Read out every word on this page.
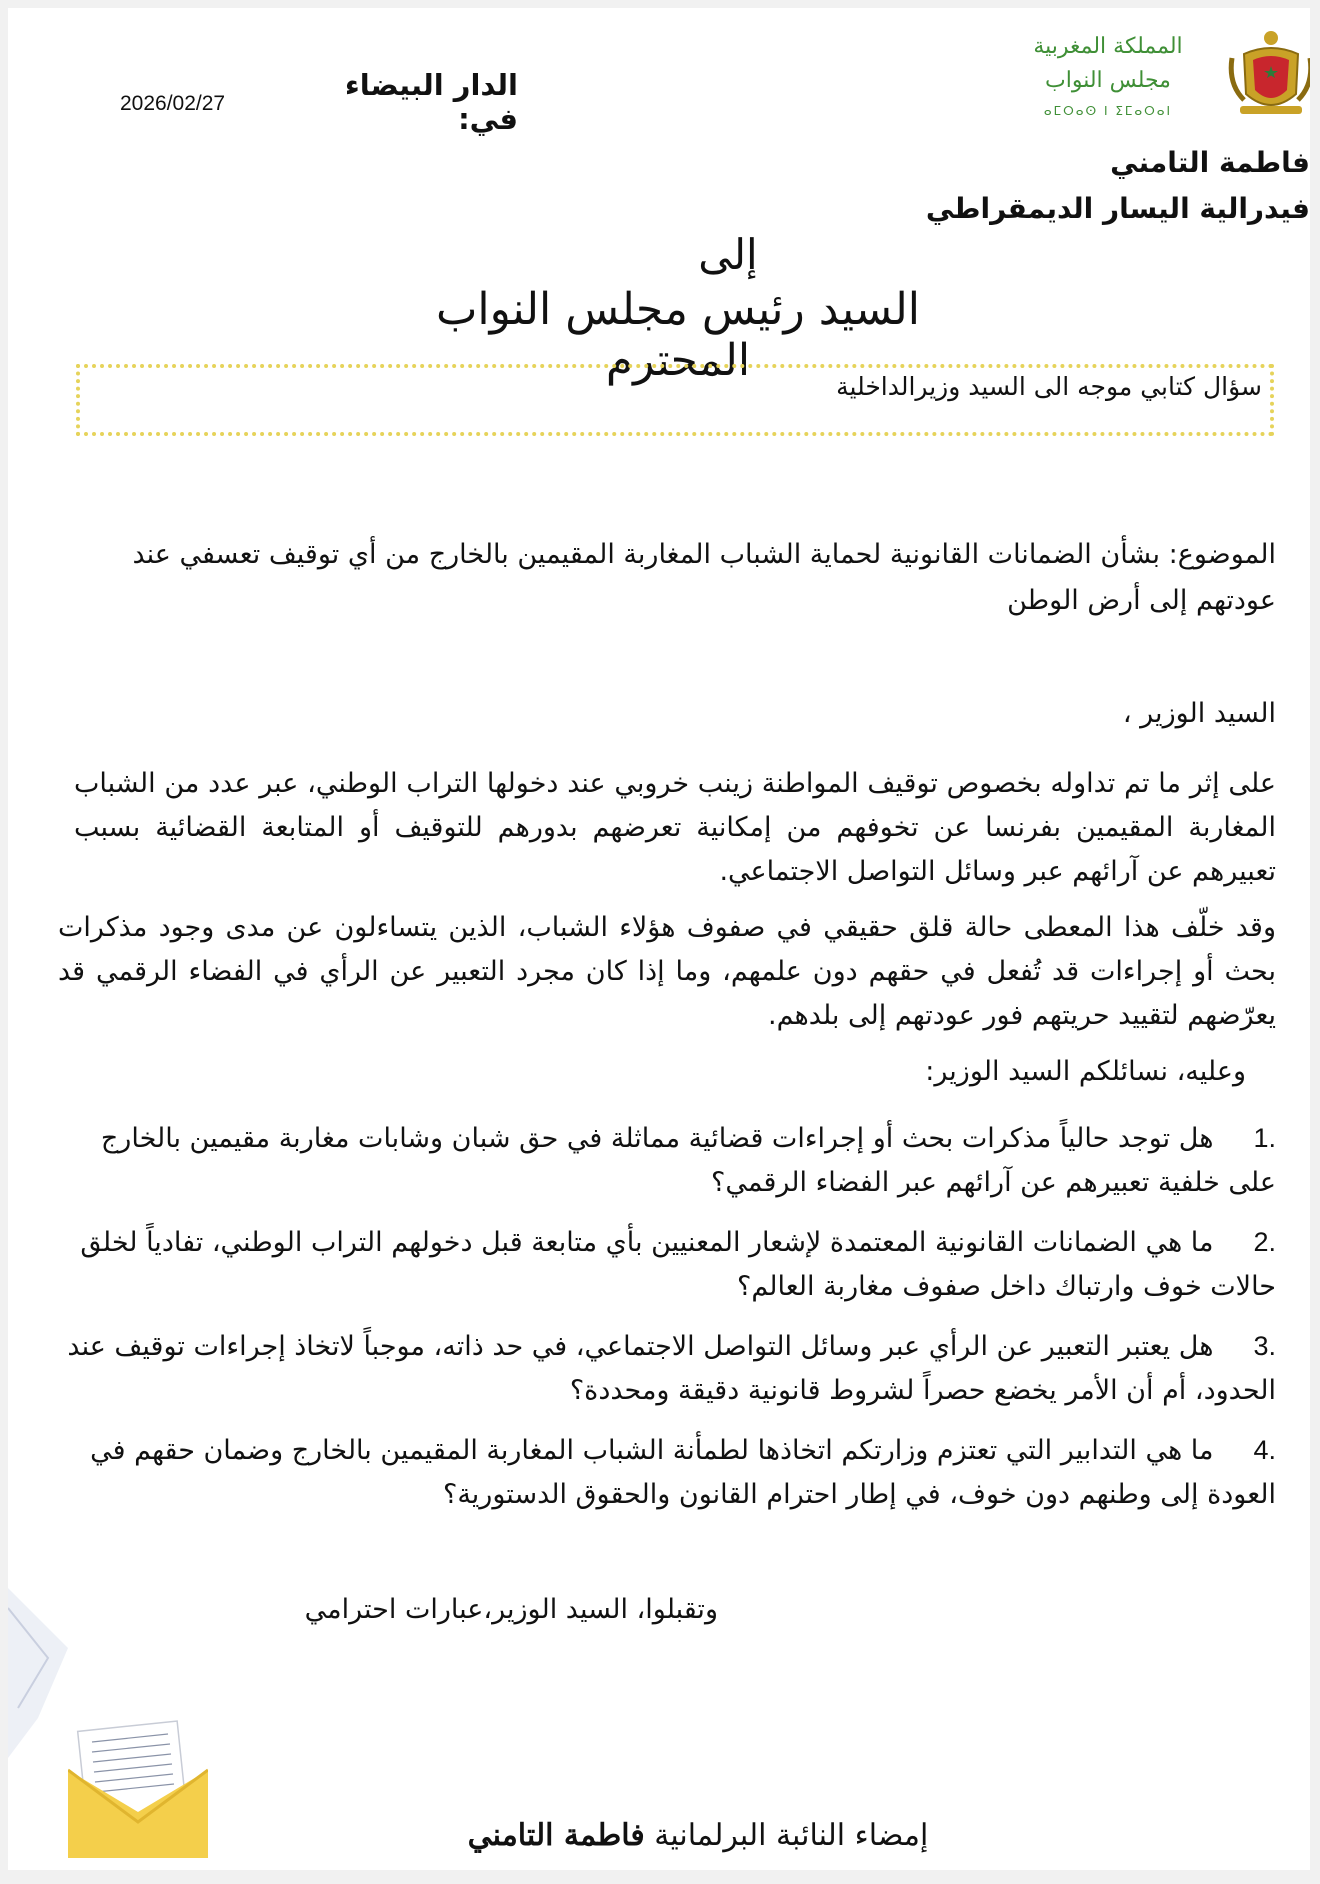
المملكة المغربية
مجلس النواب
ⴰⵎⵔⴰⵙ ⵏ ⵉⵎⴰⵔⴰⵏ
الدار البيضاء في:
2026/02/27
فاطمة التامني
فيدرالية اليسار الديمقراطي
إلى
السيد رئيس مجلس النواب المحترم
سؤال كتابي موجه الى السيد وزيرالداخلية
الموضوع: بشأن الضمانات القانونية لحماية الشباب المغاربة المقيمين بالخارج من أي توقيف تعسفي عند عودتهم إلى أرض الوطن
السيد الوزير ،
على إثر ما تم تداوله بخصوص توقيف المواطنة زينب خروبي عند دخولها التراب الوطني، عبر عدد من الشباب المغاربة المقيمين بفرنسا عن تخوفهم من إمكانية تعرضهم بدورهم للتوقيف أو المتابعة القضائية بسبب تعبيرهم عن آرائهم عبر وسائل التواصل الاجتماعي.
وقد خلّف هذا المعطى حالة قلق حقيقي في صفوف هؤلاء الشباب، الذين يتساءلون عن مدى وجود مذكرات بحث أو إجراءات قد تُفعل في حقهم دون علمهم، وما إذا كان مجرد التعبير عن الرأي في الفضاء الرقمي قد يعرّضهم لتقييد حريتهم فور عودتهم إلى بلدهم.
وعليه، نسائلكم السيد الوزير:
1.هل توجد حالياً مذكرات بحث أو إجراءات قضائية مماثلة في حق شبان وشابات مغاربة مقيمين بالخارج على خلفية تعبيرهم عن آرائهم عبر الفضاء الرقمي؟
2.ما هي الضمانات القانونية المعتمدة لإشعار المعنيين بأي متابعة قبل دخولهم التراب الوطني، تفادياً لخلق حالات خوف وارتباك داخل صفوف مغاربة العالم؟
3.هل يعتبر التعبير عن الرأي عبر وسائل التواصل الاجتماعي، في حد ذاته، موجباً لاتخاذ إجراءات توقيف عند الحدود، أم أن الأمر يخضع حصراً لشروط قانونية دقيقة ومحددة؟
4.ما هي التدابير التي تعتزم وزارتكم اتخاذها لطمأنة الشباب المغاربة المقيمين بالخارج وضمان حقهم في العودة إلى وطنهم دون خوف، في إطار احترام القانون والحقوق الدستورية؟
وتقبلوا، السيد الوزير،عبارات احترامي
إمضاء النائبة البرلمانية فاطمة التامني
